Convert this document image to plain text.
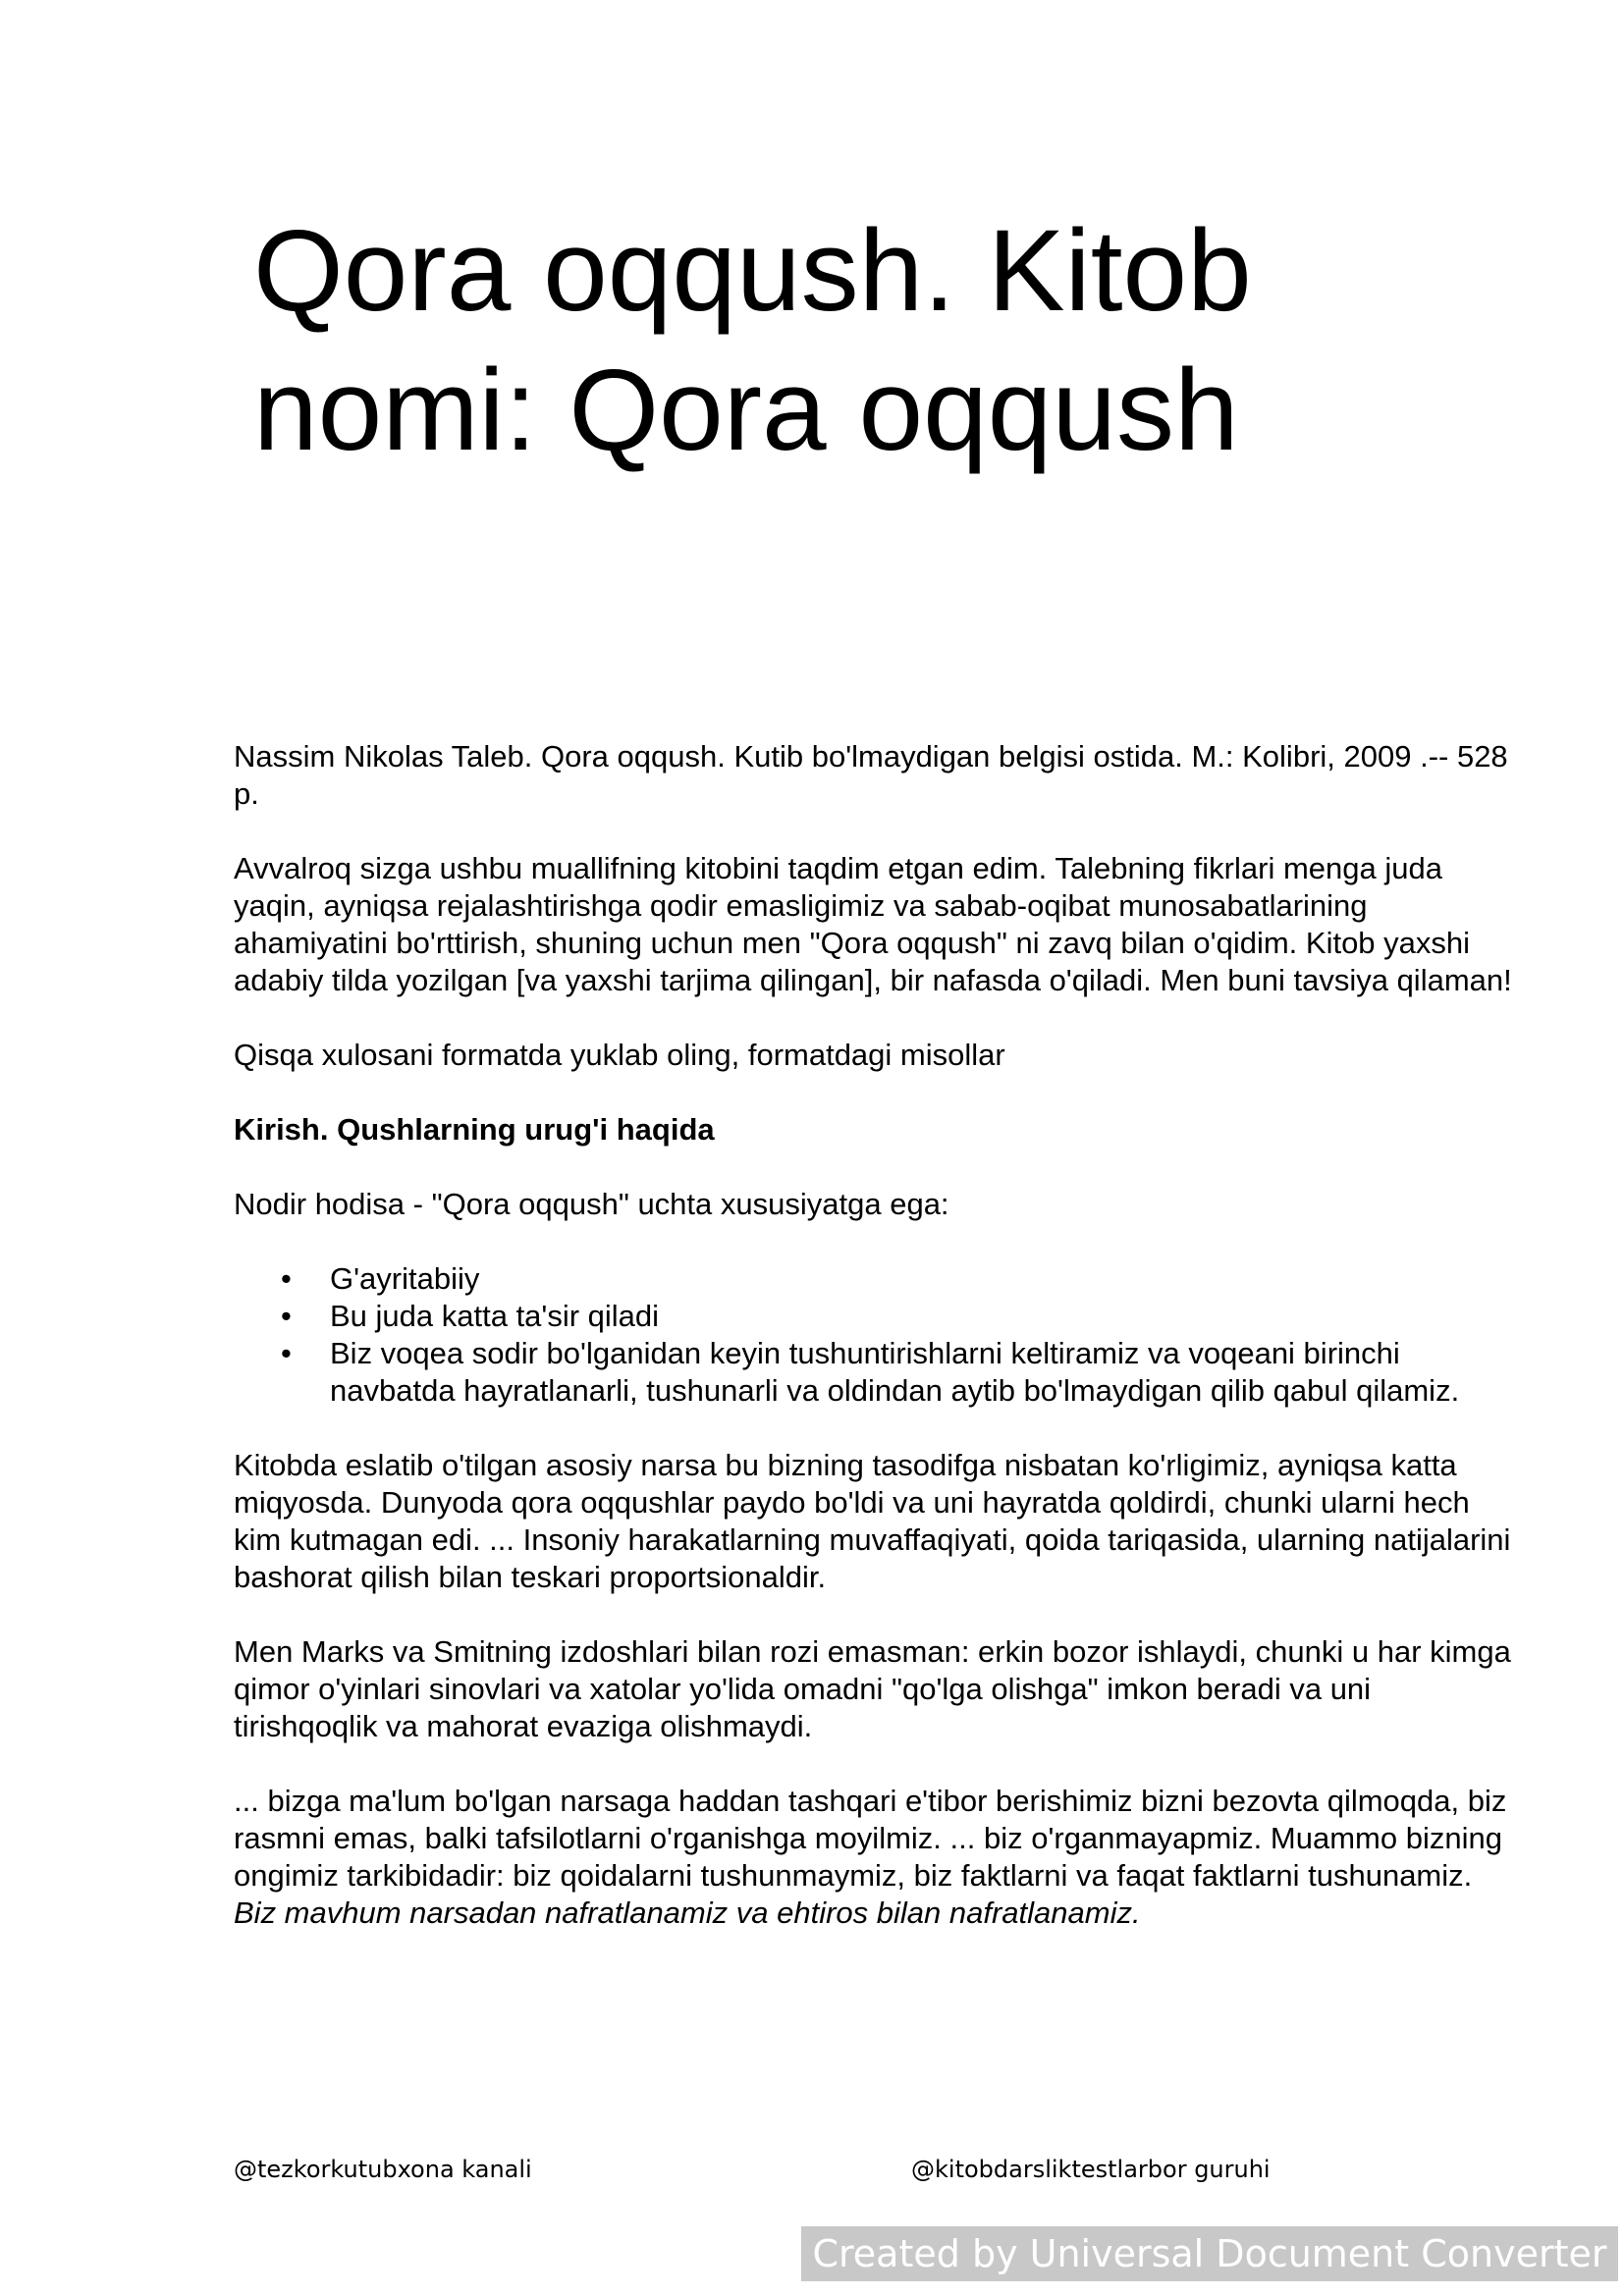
Qora oqqush. Kitob nomi: Qora oqqush

Nassim Nikolas Taleb. Qora oqqush. Kutib bo'lmaydigan belgisi ostida. M.: Kolibri, 2009 .-- 528 p.

Avvalroq sizga ushbu muallifning kitobini taqdim etgan edim. Talebning fikrlari menga juda yaqin, ayniqsa rejalashtirishga qodir emasligimiz va sabab-oqibat munosabatlarining ahamiyatini bo'rttirish, shuning uchun men "Qora oqqush" ni zavq bilan o'qidim. Kitob yaxshi adabiy tilda yozilgan [va yaxshi tarjima qilingan], bir nafasda o'qiladi. Men buni tavsiya qilaman!

Qisqa xulosani formatda yuklab oling, formatdagi misollar

Kirish. Qushlarning urug'i haqida

Nodir hodisa - "Qora oqqush" uchta xususiyatga ega:

• G'ayritabiiy
• Bu juda katta ta'sir qiladi
• Biz voqea sodir bo'lganidan keyin tushuntirishlarni keltiramiz va voqeani birinchi navbatda hayratlanarli, tushunarli va oldindan aytib bo'lmaydigan qilib qabul qilamiz.

Kitobda eslatib o'tilgan asosiy narsa bu bizning tasodifga nisbatan ko'rligimiz, ayniqsa katta miqyosda. Dunyoda qora oqqushlar paydo bo'ldi va uni hayratda qoldirdi, chunki ularni hech kim kutmagan edi. ... Insoniy harakatlarning muvaffaqiyati, qoida tariqasida, ularning natijalarini bashorat qilish bilan teskari proportsionaldir.

Men Marks va Smitning izdoshlari bilan rozi emasman: erkin bozor ishlaydi, chunki u har kimga qimor o'yinlari sinovlari va xatolar yo'lida omadni "qo'lga olishga" imkon beradi va uni tirishqoqlik va mahorat evaziga olishmaydi.

... bizga ma'lum bo'lgan narsaga haddan tashqari e'tibor berishimiz bizni bezovta qilmoqda, biz rasmni emas, balki tafsilotlarni o'rganishga moyilmiz. ... biz o'rganmayapmiz. Muammo bizning ongimiz tarkibidadir: biz qoidalarni tushunmaymiz, biz faktlarni va faqat faktlarni tushunamiz. Biz mavhum narsadan nafratlanamiz va ehtiros bilan nafratlanamiz.

@tezkorkutubxona kanali	@kitobdarsliktestlarbor guruhi
Created by Universal Document Converter
